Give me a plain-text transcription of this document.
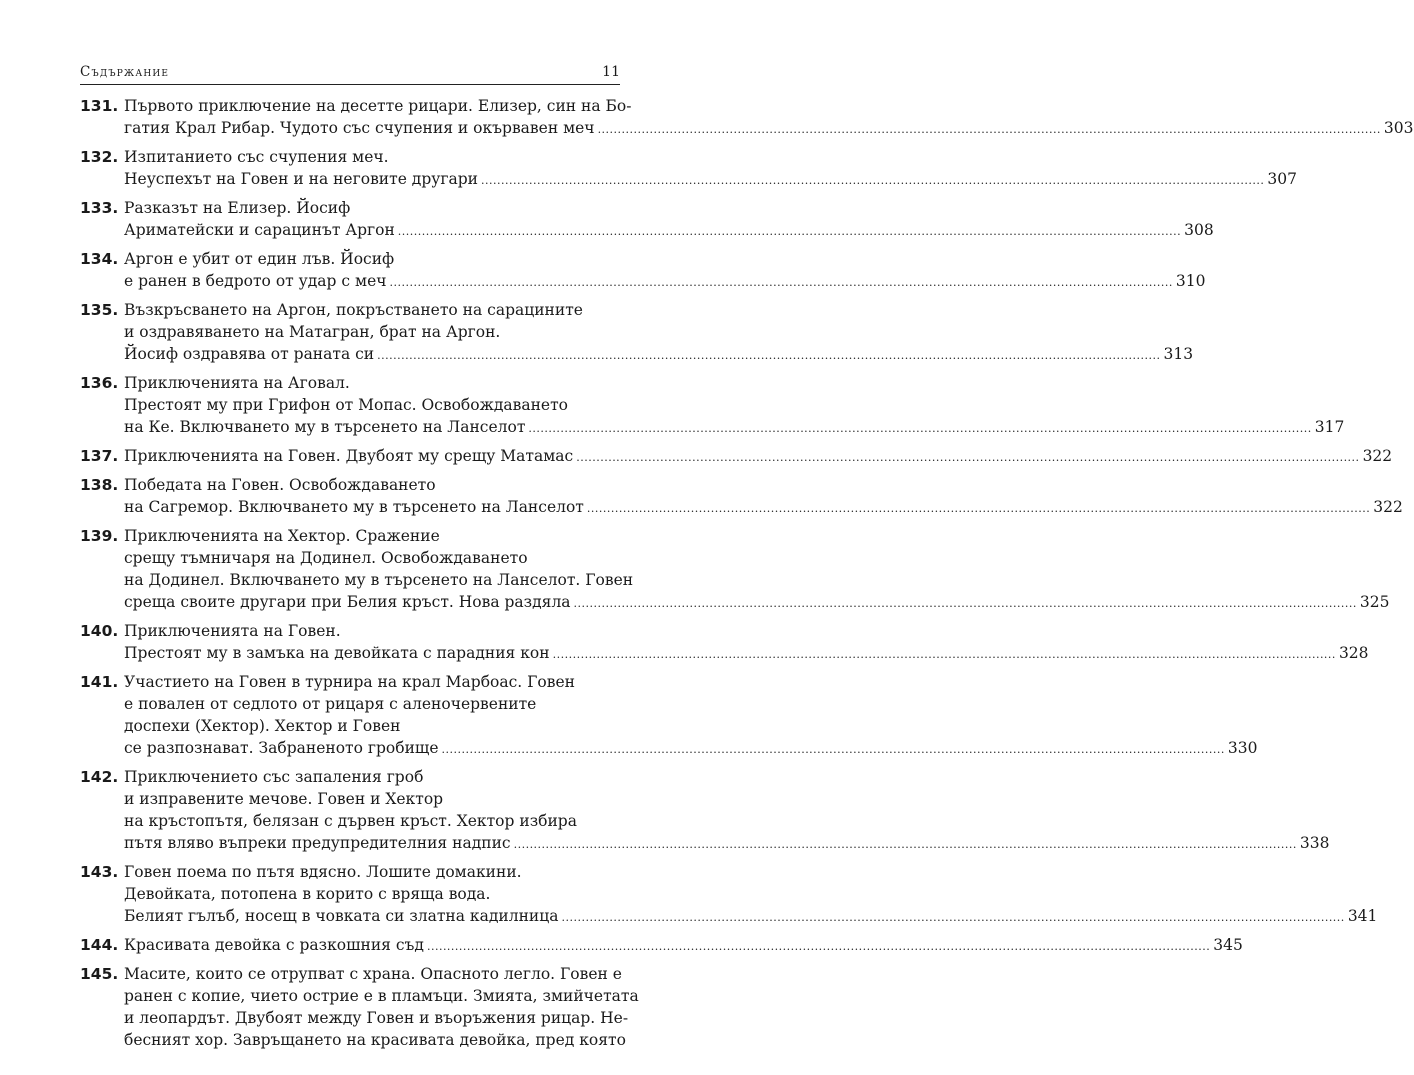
Съдържание	11
131. Първото приключение на десетте рицари. Елизер, син на Бо-
гатия Крал Рибар. Чудото със счупения и окървавен меч .....	303
132. Изпитанието със счупения меч.
Неуспехът на Говен и на неговите другари .....	307
133. Разказът на Елизер. Йосиф
Ариматейски и сарацинът Аргон .....	308
134. Аргон е убит от един лъв. Йосиф
е ранен в бедрото от удар с меч .....	310
135. Възкръсването на Аргон, покръстването на сарацините
и оздравяването на Матагран, брат на Аргон.
Йосиф оздравява от раната си .....	313
136. Приключенията на Аговал.
Престоят му при Грифон от Мопас. Освобождаването
на Ке. Включването му в търсенето на Ланселот .....	317
137. Приключенията на Говен. Двубоят му срещу Матамас .....	322
138. Победата на Говен. Освобождаването
на Сагремор. Включването му в търсенето на Ланселот .....	322
139. Приключенията на Хектор. Сражение
срещу тъмничаря на Додинел. Освобождаването
на Додинел. Включването му в търсенето на Ланселот. Говен
среща своите другари при Белия кръст. Нова раздяла .....	325
140. Приключенията на Говен.
Престоят му в замъка на девойката с парадния кон .....	328
141. Участието на Говен в турнира на крал Марбоас. Говен
е повален от седлото от рицаря с аленочервените
доспехи (Хектор). Хектор и Говен
се разпознават. Забраненото гробище .....	330
142. Приключението със запаления гроб
и изправените мечове. Говен и Хектор
на кръстопътя, белязан с дървен кръст. Хектор избира
пътя вляво въпреки предупредителния надпис .....	338
143. Говен поема по пътя вдясно. Лошите домакини.
Девойката, потопена в корито с вряща вода.
Белият гълъб, носещ в човката си златна кадилница .....	341
144. Красивата девойка с разкошния съд .....	345
145. Масите, които се отрупват с храна. Опасното легло. Говен е
ранен с копие, чието острие е в пламъци. Змията, змийчетата
и леопардът. Двубоят между Говен и въоръжения рицар. Не-
бесният хор. Завръщането на красивата девойка, пред която
